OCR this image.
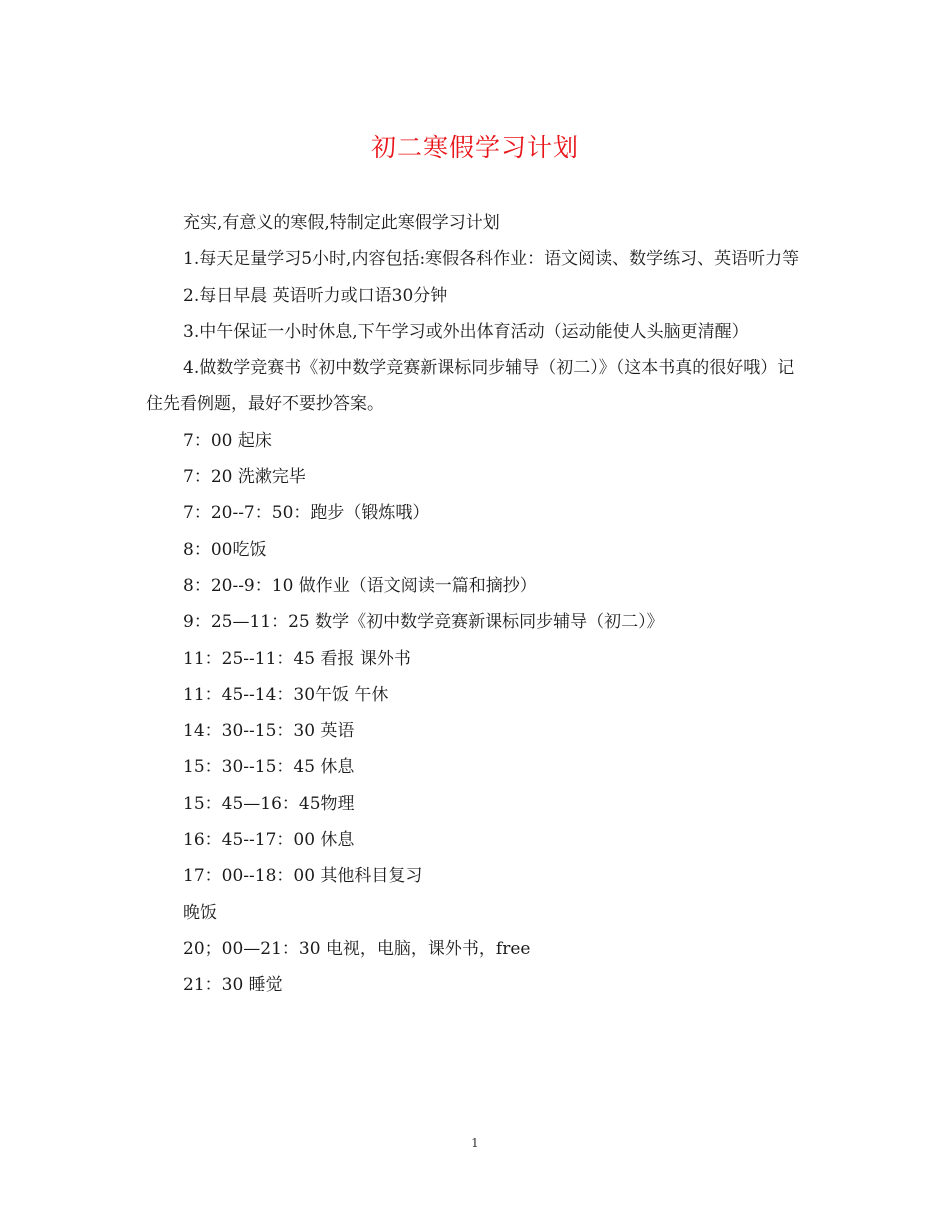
初二寒假学习计划

充实,有意义的寒假,特制定此寒假学习计划

1.每天足量学习5小时,内容包括:寒假各科作业：语文阅读、数学练习、英语听力等

2.每日早晨 英语听力或口语30分钟

3.中午保证一小时休息,下午学习或外出体育活动（运动能使人头脑更清醒）

4.做数学竞赛书《初中数学竞赛新课标同步辅导（初二）》（这本书真的很好哦）记住先看例题，最好不要抄答案。

7：00 起床

7：20 洗漱完毕

7：20--7：50：跑步（锻炼哦）

8：00吃饭

8：20--9：10 做作业（语文阅读一篇和摘抄）

9：25—11：25 数学《初中数学竞赛新课标同步辅导（初二）》

11：25--11：45 看报 课外书

11：45--14：30午饭 午休

14：30--15：30 英语

15：30--15：45 休息

15：45—16：45物理

16：45--17：00 休息

17：00--18：00 其他科目复习

晚饭

20；00—21：30 电视，电脑，课外书，free

21：30 睡觉

1
